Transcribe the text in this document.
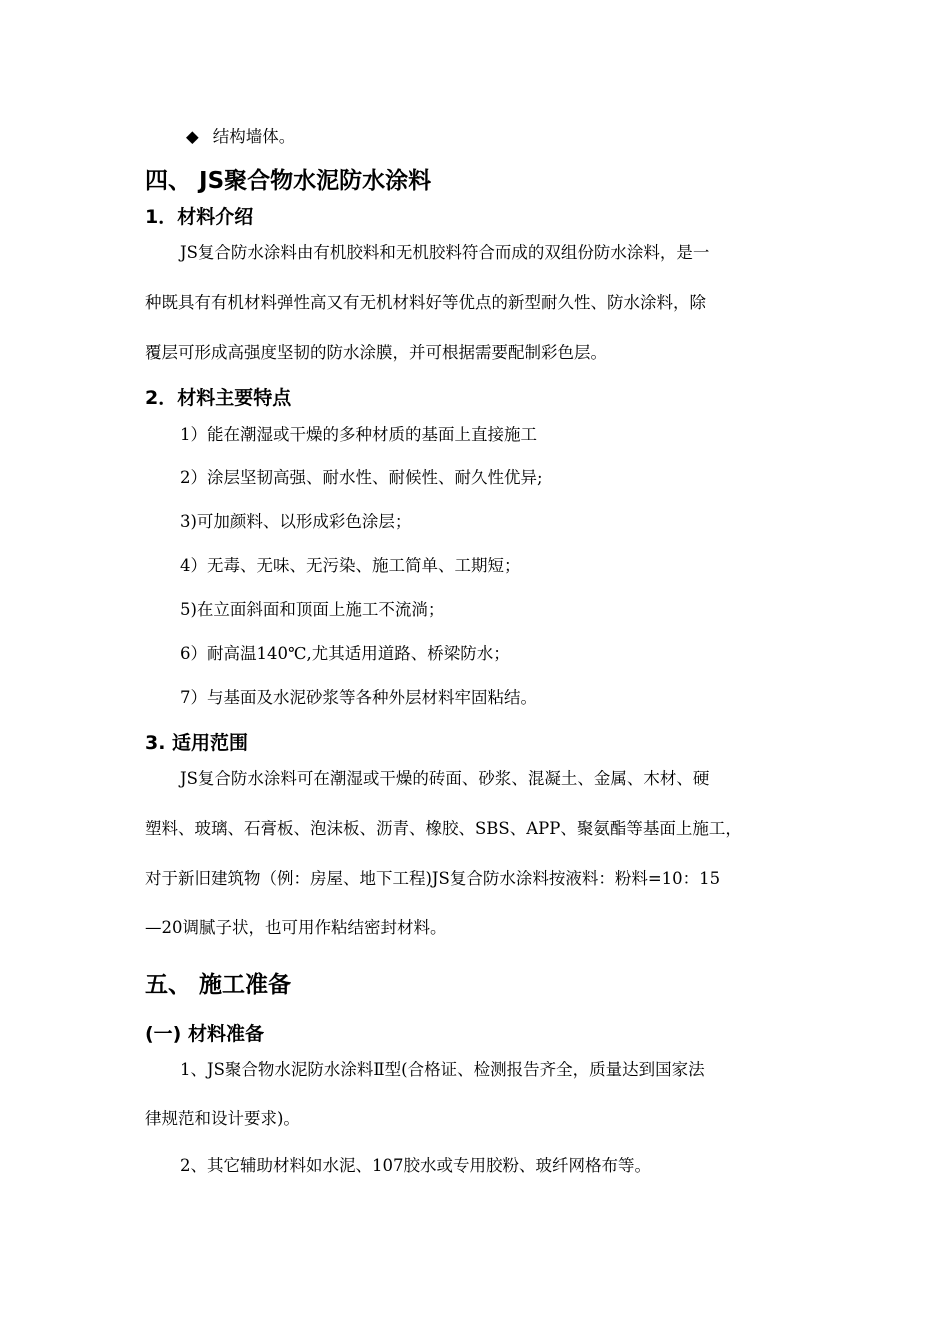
◆ 结构墙体。
四、 JS聚合物水泥防水涂料
1．材料介绍
JS复合防水涂料由有机胶料和无机胶料符合而成的双组份防水涂料，是一
种既具有有机材料弹性高又有无机材料好等优点的新型耐久性、防水涂料，除
覆层可形成高强度坚韧的防水涂膜，并可根据需要配制彩色层。
2．材料主要特点
1）能在潮湿或干燥的多种材质的基面上直接施工
2）涂层坚韧高强、耐水性、耐候性、耐久性优异;
3)可加颜料、以形成彩色涂层；
4）无毒、无味、无污染、施工简单、工期短；
5)在立面斜面和顶面上施工不流淌；
6）耐高温140℃,尤其适用道路、桥梁防水；
7）与基面及水泥砂浆等各种外层材料牢固粘结。
3. 适用范围
JS复合防水涂料可在潮湿或干燥的砖面、砂浆、混凝土、金属、木材、硬
塑料、玻璃、石膏板、泡沫板、沥青、橡胶、SBS、APP、聚氨酯等基面上施工，
对于新旧建筑物（例：房屋、地下工程)JS复合防水涂料按液料：粉料=10：15
—20调腻子状，也可用作粘结密封材料。
五、 施工准备
(一) 材料准备
1、JS聚合物水泥防水涂料Ⅱ型(合格证、检测报告齐全，质量达到国家法
律规范和设计要求)。
2、其它辅助材料如水泥、107胶水或专用胶粉、玻纤网格布等。
